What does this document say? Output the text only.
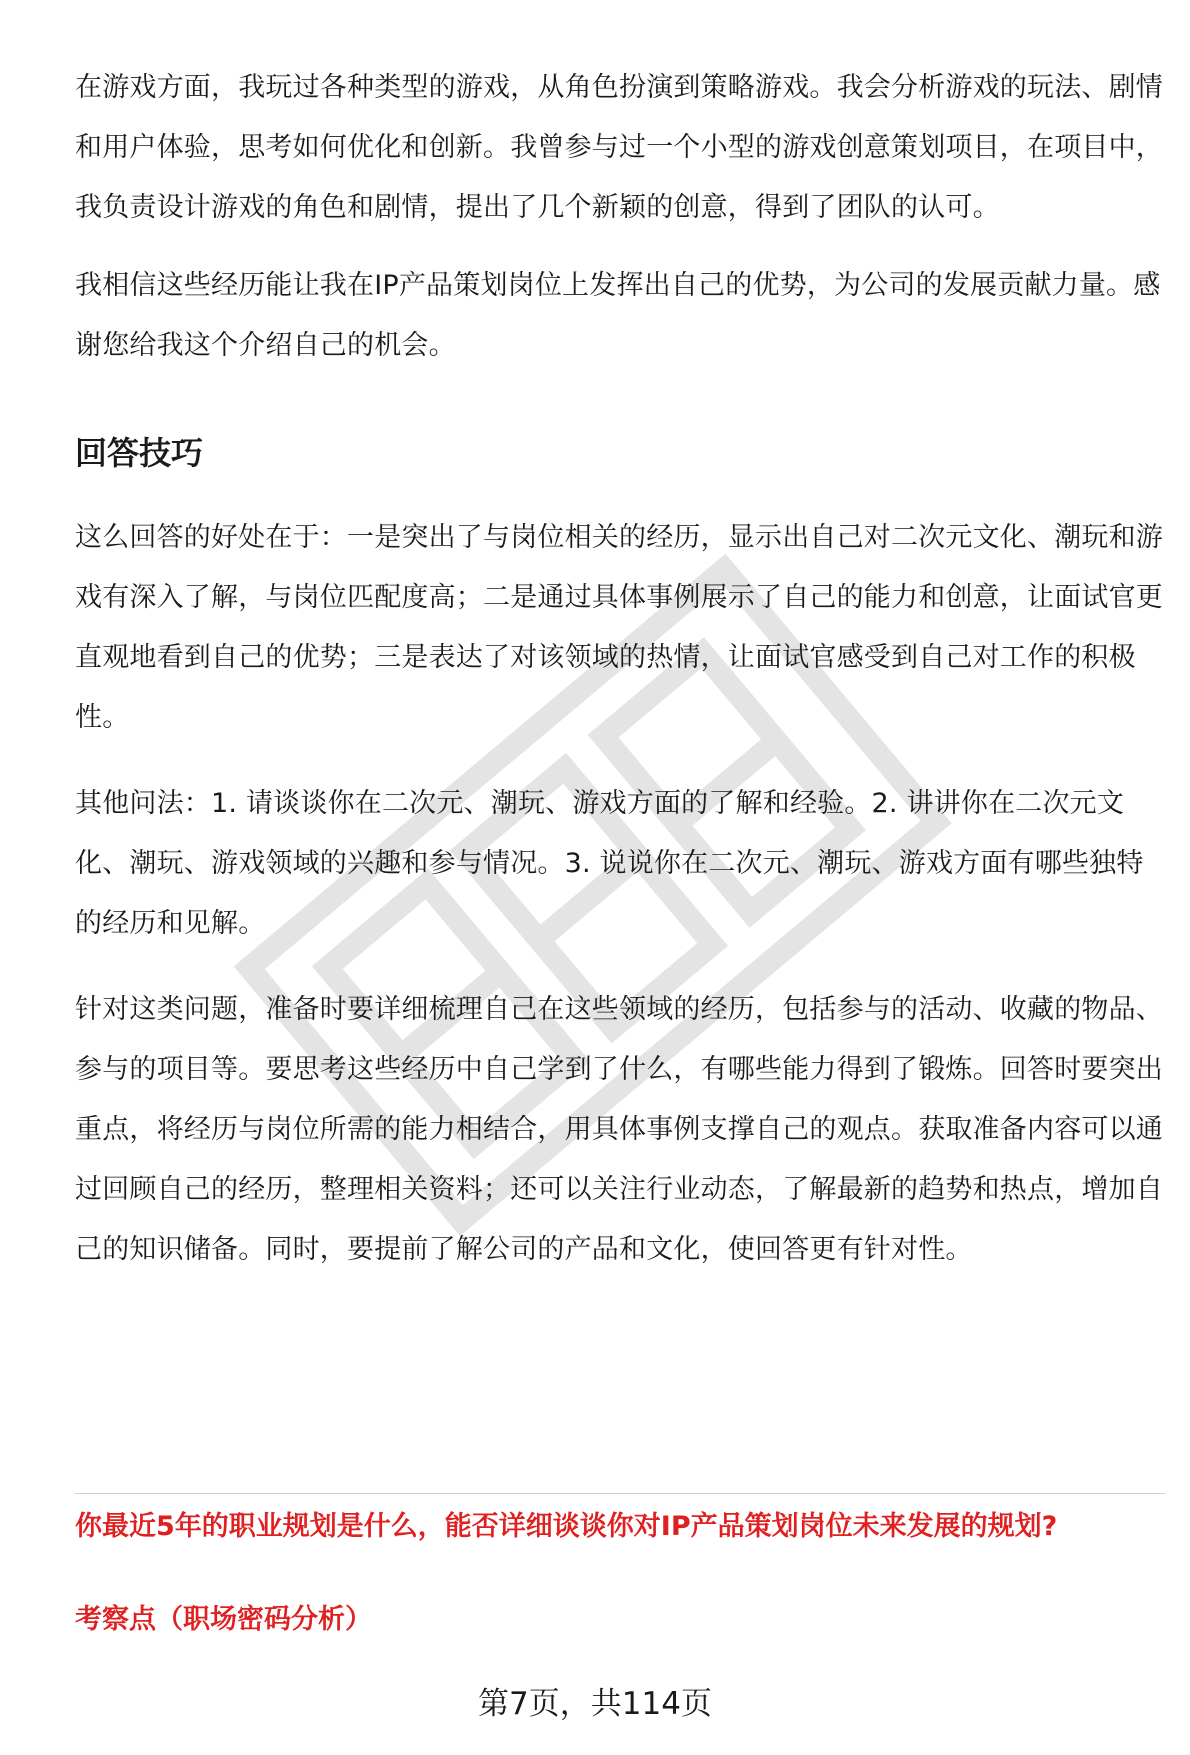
在游戏方面，我玩过各种类型的游戏，从角色扮演到策略游戏。我会分析游戏的玩法、剧情和用户体验，思考如何优化和创新。我曾参与过一个小型的游戏创意策划项目，在项目中，我负责设计游戏的角色和剧情，提出了几个新颖的创意，得到了团队的认可。

我相信这些经历能让我在IP产品策划岗位上发挥出自己的优势，为公司的发展贡献力量。感谢您给我这个介绍自己的机会。

回答技巧

这么回答的好处在于：一是突出了与岗位相关的经历，显示出自己对二次元文化、潮玩和游戏有深入了解，与岗位匹配度高；二是通过具体事例展示了自己的能力和创意，让面试官更直观地看到自己的优势；三是表达了对该领域的热情，让面试官感受到自己对工作的积极性。

其他问法：1. 请谈谈你在二次元、潮玩、游戏方面的了解和经验。2. 讲讲你在二次元文化、潮玩、游戏领域的兴趣和参与情况。3. 说说你在二次元、潮玩、游戏方面有哪些独特的经历和见解。

针对这类问题，准备时要详细梳理自己在这些领域的经历，包括参与的活动、收藏的物品、参与的项目等。要思考这些经历中自己学到了什么，有哪些能力得到了锻炼。回答时要突出重点，将经历与岗位所需的能力相结合，用具体事例支撑自己的观点。获取准备内容可以通过回顾自己的经历，整理相关资料；还可以关注行业动态，了解最新的趋势和热点，增加自己的知识储备。同时，要提前了解公司的产品和文化，使回答更有针对性。

你最近5年的职业规划是什么，能否详细谈谈你对IP产品策划岗位未来发展的规划?

考察点（职场密码分析）

第7页，共114页
